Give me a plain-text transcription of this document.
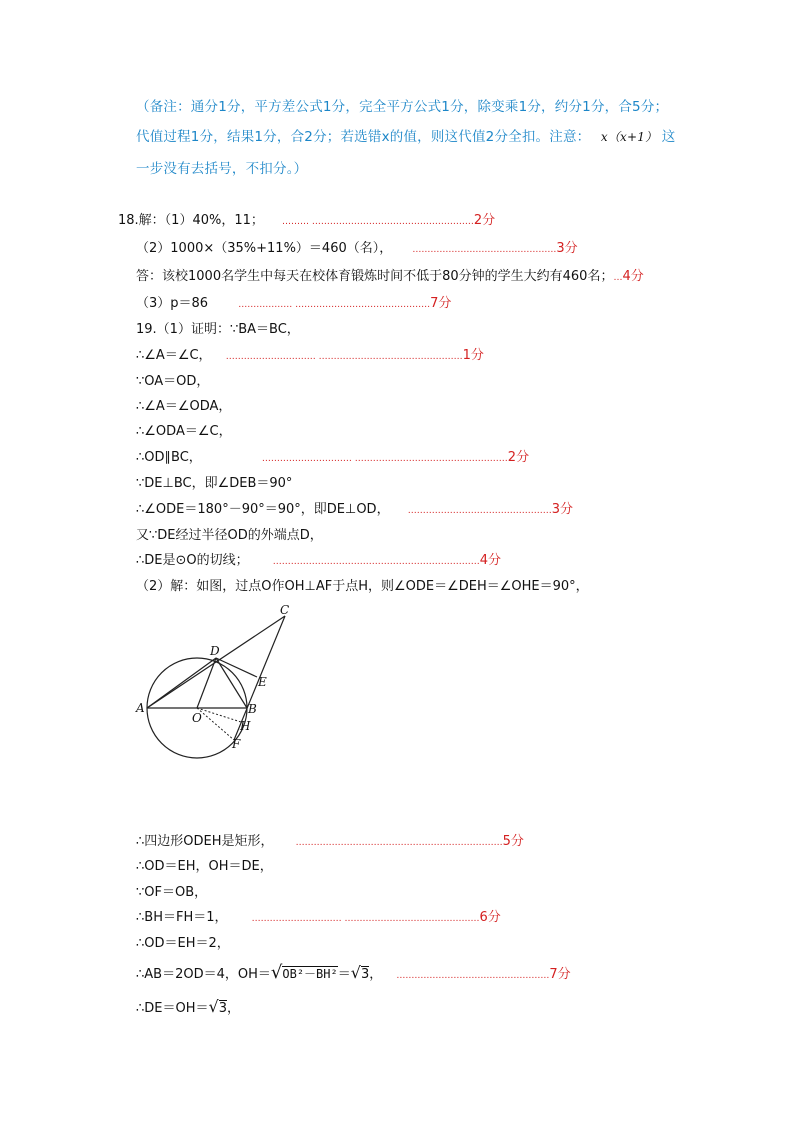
（备注：通分1分，平方差公式1分，完全平方公式1分，除变乘1分，约分1分，合5分；
代值过程1分，结果1分，合2分；若选错x的值，则这代值2分全扣。注意： x（x+1） 这
一步没有去括号，不扣分。）
18.解：（1）40%，11； ……… ………………………………………………2分
（2）1000×（35%+11%）＝460（名）， …………………………………………3分
答：该校1000名学生中每天在校体育锻炼时间不低于80分钟的学生大约有460名；…4分
（3）p＝86	……………… ………………………………………7分
19.（1）证明：∵BA＝BC，
∴∠A＝∠C， ………………………… …………………………………………1分
∵OA＝OD，
∴∠A＝∠ODA，
∴∠ODA＝∠C，
∴OD∥BC，	………………………… ……………………………………………2分
∵DE⊥BC，即∠DEB＝90°
∴∠ODE＝180°－90°＝90°，即DE⊥OD， …………………………………………3分
又∵DE经过半径OD的外端点D，
∴DE是⊙O的切线；	……………………………………………………………4分
（2）解：如图，过点O作OH⊥AF于点H，则∠ODE＝∠DEH＝∠OHE＝90°，
C
D
E
A	B
O
H
F
∴四边形ODEH是矩形， ……………………………………………………………5分
∴OD＝EH，OH＝DE，
∵OF＝OB，
∴BH＝FH＝1，	………………………… ………………………………………6分
∴OD＝EH＝2，
∴AB＝2OD＝4，OH＝√OB²－BH²＝√3， ……………………………………………7分
∴DE＝OH＝√3，
